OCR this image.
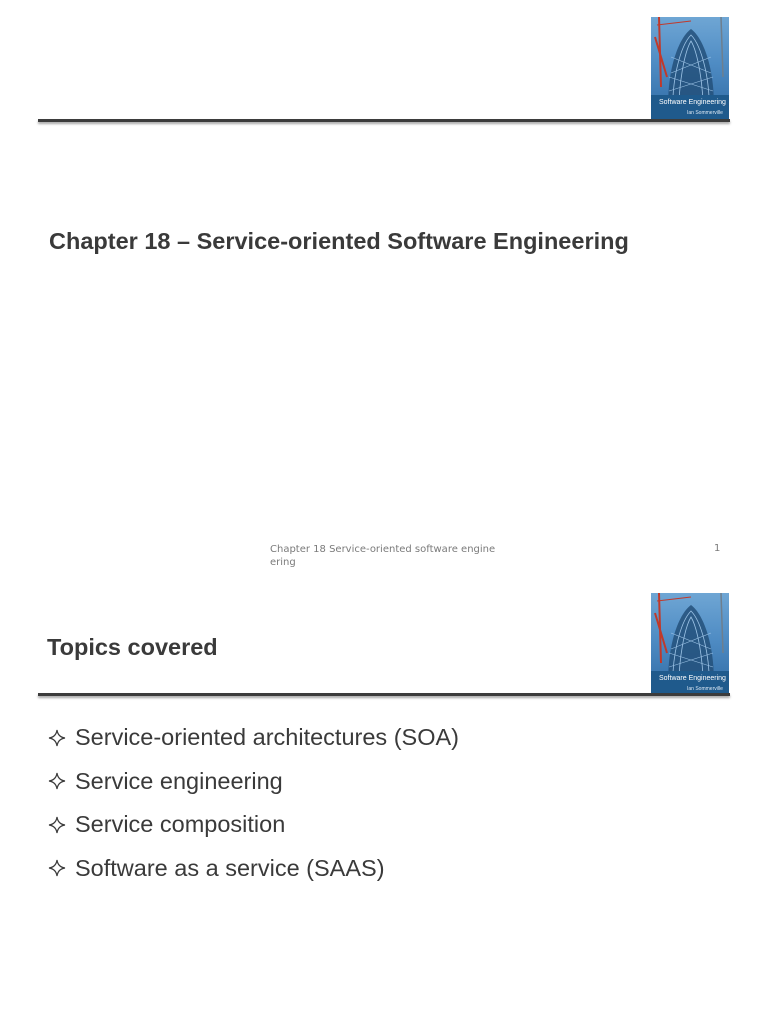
Software Engineering
Ian Sommerville
Chapter 18 – Service-oriented Software Engineering
Chapter 18 Service-oriented software engineering
1
Software Engineering
Ian Sommerville
Topics covered
Service-oriented architectures (SOA)
Service engineering
Service composition
Software as a service (SAAS)
